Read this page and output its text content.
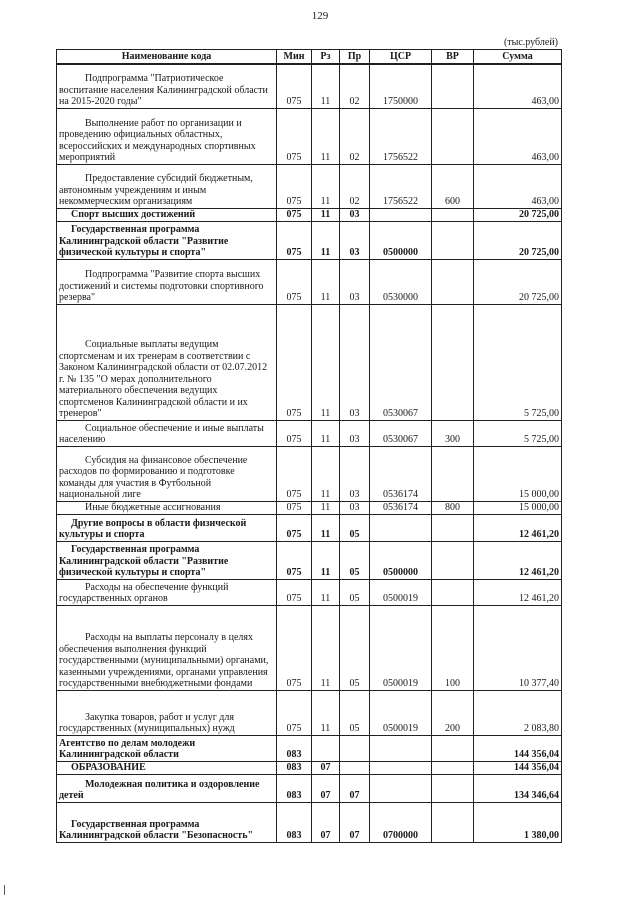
129
(тыс.рублей)
Наименование кода	Мин	Рз	Пр	ЦСР	ВР	Сумма

Подпрограмма "Патриотическое воспитание населения Калининградской области на 2015-2020 годы"	075	11	02	1750000		463,00

Выполнение работ по организации и проведению официальных областных, всероссийских и международных спортивных мероприятий	075	11	02	1756522		463,00

Предоставление субсидий бюджетным, автономным учреждениям и иным некоммерческим организациям	075	11	02	1756522	600	463,00

Спорт высших достижений	075	11	03			20 725,00

Государственная программа Калининградской области "Развитие физической культуры и спорта"	075	11	03	0500000		20 725,00

Подпрограмма "Развитие спорта высших достижений и системы подготовки спортивного резерва"	075	11	03	0530000		20 725,00

Социальные выплаты ведущим спортсменам и их тренерам в соответствии с Законом Калининградской области от 02.07.2012 г. № 135 "О мерах дополнительного материального обеспечения ведущих спортсменов Калининградской области и их тренеров"	075	11	03	0530067		5 725,00

Социальное обеспечение и иные выплаты населению	075	11	03	0530067	300	5 725,00

Субсидия на финансовое обеспечение расходов по формированию и подготовке команды для участия в Футбольной национальной лиге	075	11	03	0536174		15 000,00

Иные бюджетные ассигнования	075	11	03	0536174	800	15 000,00

Другие вопросы в области физической культуры и спорта	075	11	05			12 461,20

Государственная программа Калининградской области "Развитие физической культуры и спорта"	075	11	05	0500000		12 461,20

Расходы на обеспечение функций государственных органов	075	11	05	0500019		12 461,20

Расходы на выплаты персоналу в целях обеспечения выполнения функций государственными (муниципальными) органами, казенными учреждениями, органами управления государственными внебюджетными фондами	075	11	05	0500019	100	10 377,40

Закупка товаров, работ и услуг для государственных (муниципальных) нужд	075	11	05	0500019	200	2 083,80

Агентство по делам молодежи Калининградской области	083					144 356,04

ОБРАЗОВАНИЕ	083	07				144 356,04

Молодежная политика и оздоровление детей	083	07	07			134 346,64

Государственная программа Калининградской области "Безопасность"	083	07	07	0700000		1 380,00
